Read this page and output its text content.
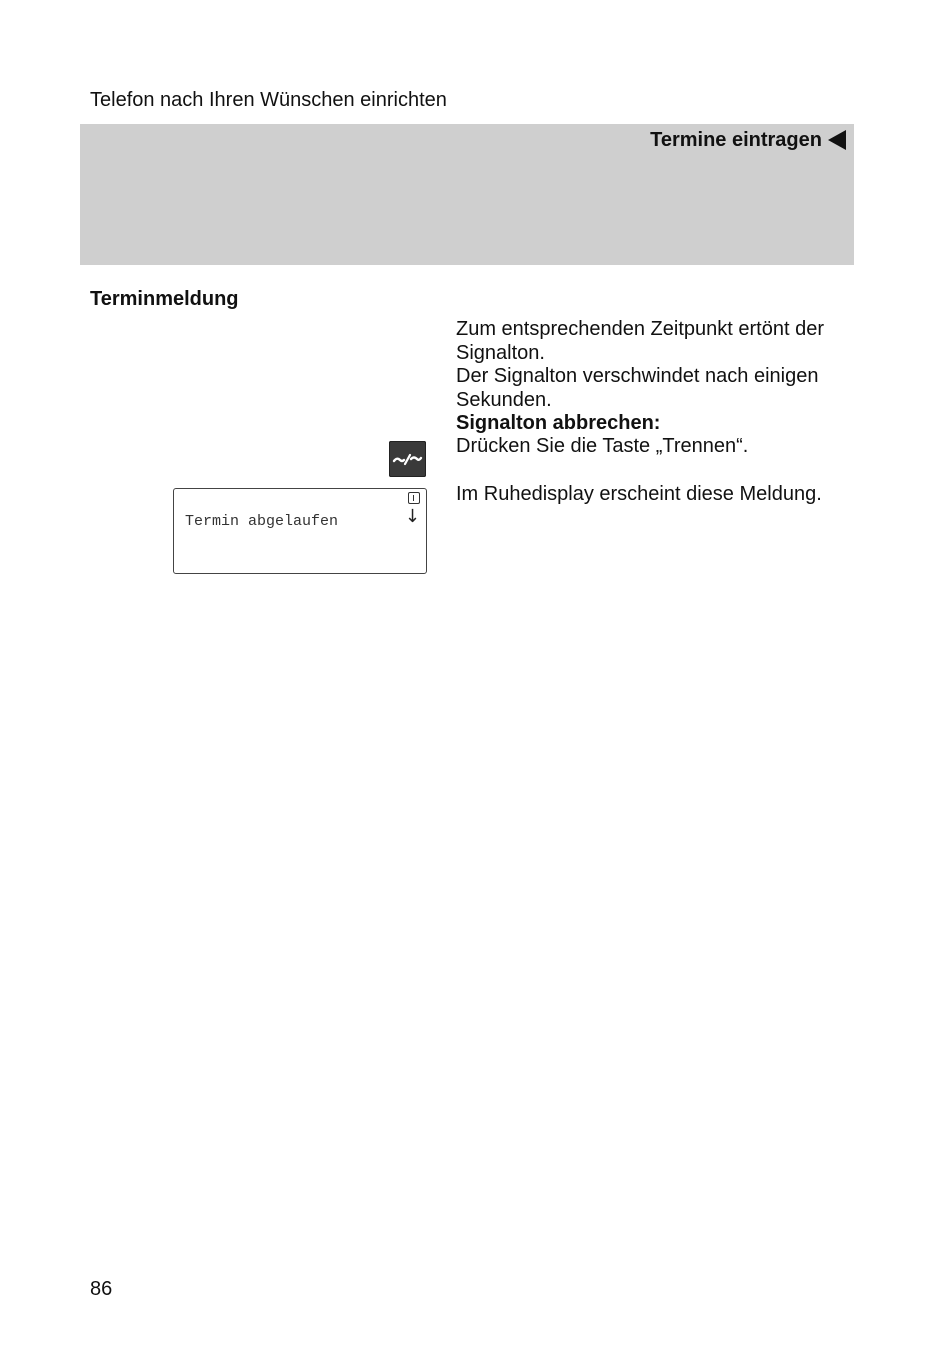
Telefon nach Ihren Wünschen einrichten
Termine eintragen
Terminmeldung
Zum entsprechenden Zeitpunkt ertönt der Signalton.
Der Signalton verschwindet nach einigen Sekunden.
Signalton abbrechen:
Drücken Sie die Taste „Trennen“.
Im Ruhedisplay erscheint diese Meldung.
Termin abgelaufen	↓
86
